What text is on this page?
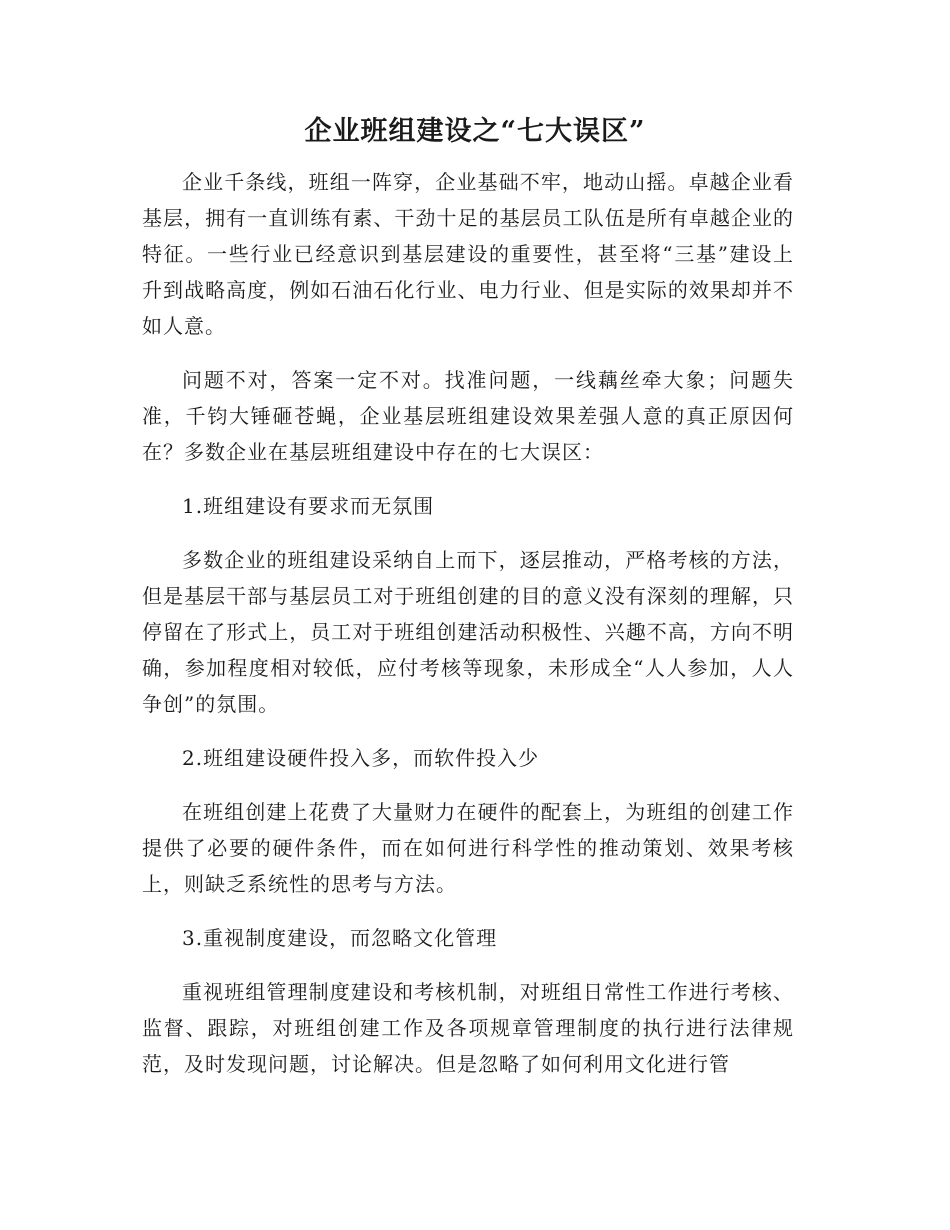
企业班组建设之“七大误区”

企业千条线，班组一阵穿，企业基础不牢，地动山摇。卓越企业看基层，拥有一直训练有素、干劲十足的基层员工队伍是所有卓越企业的特征。一些行业已经意识到基层建设的重要性，甚至将“三基”建设上升到战略高度，例如石油石化行业、电力行业、但是实际的效果却并不如人意。

问题不对，答案一定不对。找准问题，一线藕丝牵大象；问题失准，千钧大锤砸苍蝇，企业基层班组建设效果差强人意的真正原因何在？多数企业在基层班组建设中存在的七大误区：

1.班组建设有要求而无氛围

多数企业的班组建设采纳自上而下，逐层推动，严格考核的方法，但是基层干部与基层员工对于班组创建的目的意义没有深刻的理解，只停留在了形式上，员工对于班组创建活动积极性、兴趣不高，方向不明确，参加程度相对较低，应付考核等现象，未形成全“人人参加，人人争创”的氛围。

2.班组建设硬件投入多，而软件投入少

在班组创建上花费了大量财力在硬件的配套上，为班组的创建工作提供了必要的硬件条件，而在如何进行科学性的推动策划、效果考核上，则缺乏系统性的思考与方法。

3.重视制度建设，而忽略文化管理

重视班组管理制度建设和考核机制，对班组日常性工作进行考核、监督、跟踪，对班组创建工作及各项规章管理制度的执行进行法律规范，及时发现问题，讨论解决。但是忽略了如何利用文化进行管
